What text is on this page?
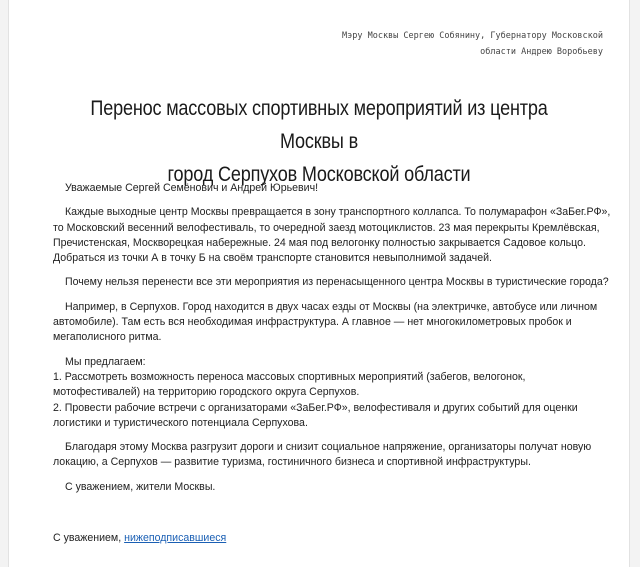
Мэру Москвы Сергею Собянину, Губернатору Московской
области Андрею Воробьеву
Перенос массовых спортивных мероприятий из центра Москвы в
город Серпухов Московской области

Уважаемые Сергей Семёнович и Андрей Юрьевич!

Каждые выходные центр Москвы превращается в зону транспортного коллапса. То полумарафон «ЗаБег.РФ», то Московский весенний велофестиваль, то очередной заезд мотоциклистов. 23 мая перекрыты Кремлёвская, Пречистенская, Москворецкая набережные. 24 мая под велогонку полностью закрывается Садовое кольцо. Добраться из точки А в точку Б на своём транспорте становится невыполнимой задачей.

Почему нельзя перенести все эти мероприятия из перенасыщенного центра Москвы в туристические города?

Например, в Серпухов. Город находится в двух часах езды от Москвы (на электричке, автобусе или личном автомобиле). Там есть вся необходимая инфраструктура. А главное — нет многокилометровых пробок и мегаполисного ритма.

Мы предлагаем:

1. Рассмотреть возможность переноса массовых спортивных мероприятий (забегов, велогонок, мотофестивалей) на территорию городского округа Серпухов.

2. Провести рабочие встречи с организаторами «ЗаБег.РФ», велофестиваля и других событий для оценки логистики и туристического потенциала Серпухова.

Благодаря этому Москва разгрузит дороги и снизит социальное напряжение, организаторы получат новую локацию, а Серпухов — развитие туризма, гостиничного бизнеса и спортивной инфраструктуры.

С уважением, жители Москвы.

С уважением, нижеподписавшиеся
